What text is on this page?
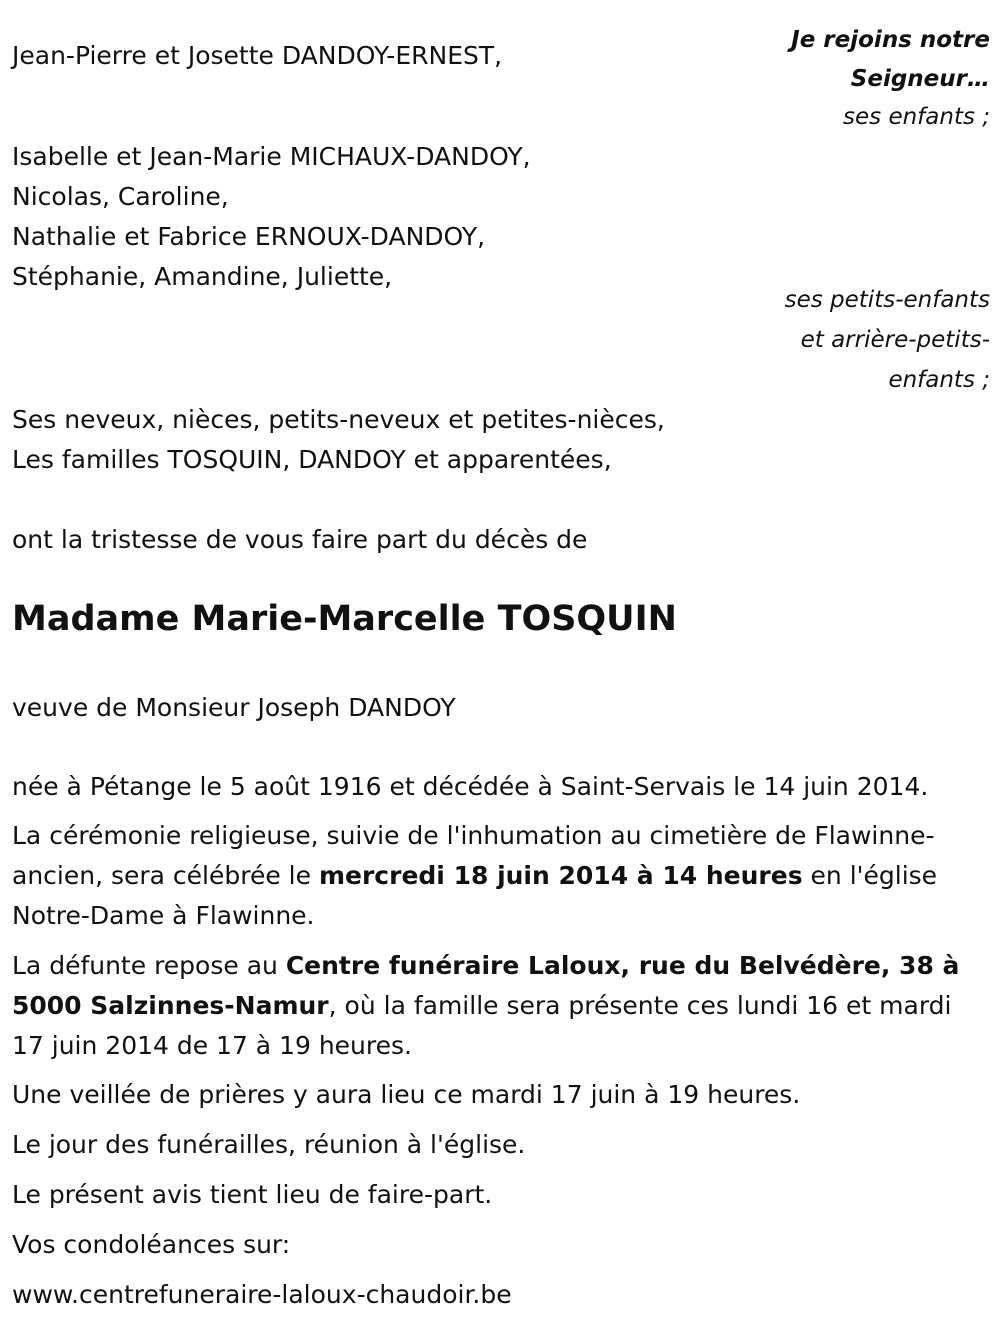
Jean-Pierre et Josette DANDOY-ERNEST,
Isabelle et Jean-Marie MICHAUX-DANDOY,
Nicolas, Caroline,
Nathalie et Fabrice ERNOUX-DANDOY,
Stéphanie, Amandine, Juliette,
Ses neveux, nièces, petits-neveux et petites-nièces,
Les familles TOSQUIN, DANDOY et apparentées,
Je rejoins notre
Seigneur…
ses enfants ;
ses petits-enfants
et arrière-petits-
enfants ;
ont la tristesse de vous faire part du décès de
Madame Marie-Marcelle TOSQUIN
veuve de Monsieur Joseph DANDOY
née à Pétange le 5 août 1916 et décédée à Saint-Servais le 14 juin 2014.
La cérémonie religieuse, suivie de l'inhumation au cimetière de Flawinne-ancien, sera célébrée le mercredi 18 juin 2014 à 14 heures en l'église Notre-Dame à Flawinne.
La défunte repose au Centre funéraire Laloux, rue du Belvédère, 38 à 5000 Salzinnes-Namur, où la famille sera présente ces lundi 16 et mardi 17 juin 2014 de 17 à 19 heures.
Une veillée de prières y aura lieu ce mardi 17 juin à 19 heures.
Le jour des funérailles, réunion à l'église.
Le présent avis tient lieu de faire-part.
Vos condoléances sur:
www.centrefuneraire-laloux-chaudoir.be
